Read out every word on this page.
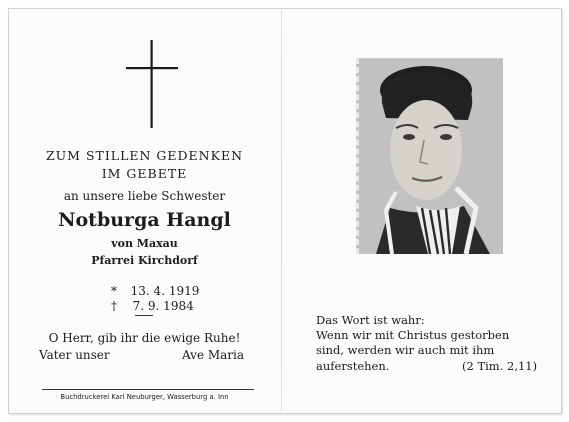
ZUM STILLEN GEDENKEN
IM GEBETE
an unsere liebe Schwester
Notburga Hangl
von Maxau
Pfarrei Kirchdorf
* 13. 4. 1919
† 7. 9. 1984
O Herr, gib ihr die ewige Ruhe!
Vater unser	Ave Maria
Buchdruckerei Karl Neuburger, Wasserburg a. Inn
Das Wort ist wahr:
Wenn wir mit Christus gestorben
sind, werden wir auch mit ihm
auferstehen.	(2 Tim. 2,11)
